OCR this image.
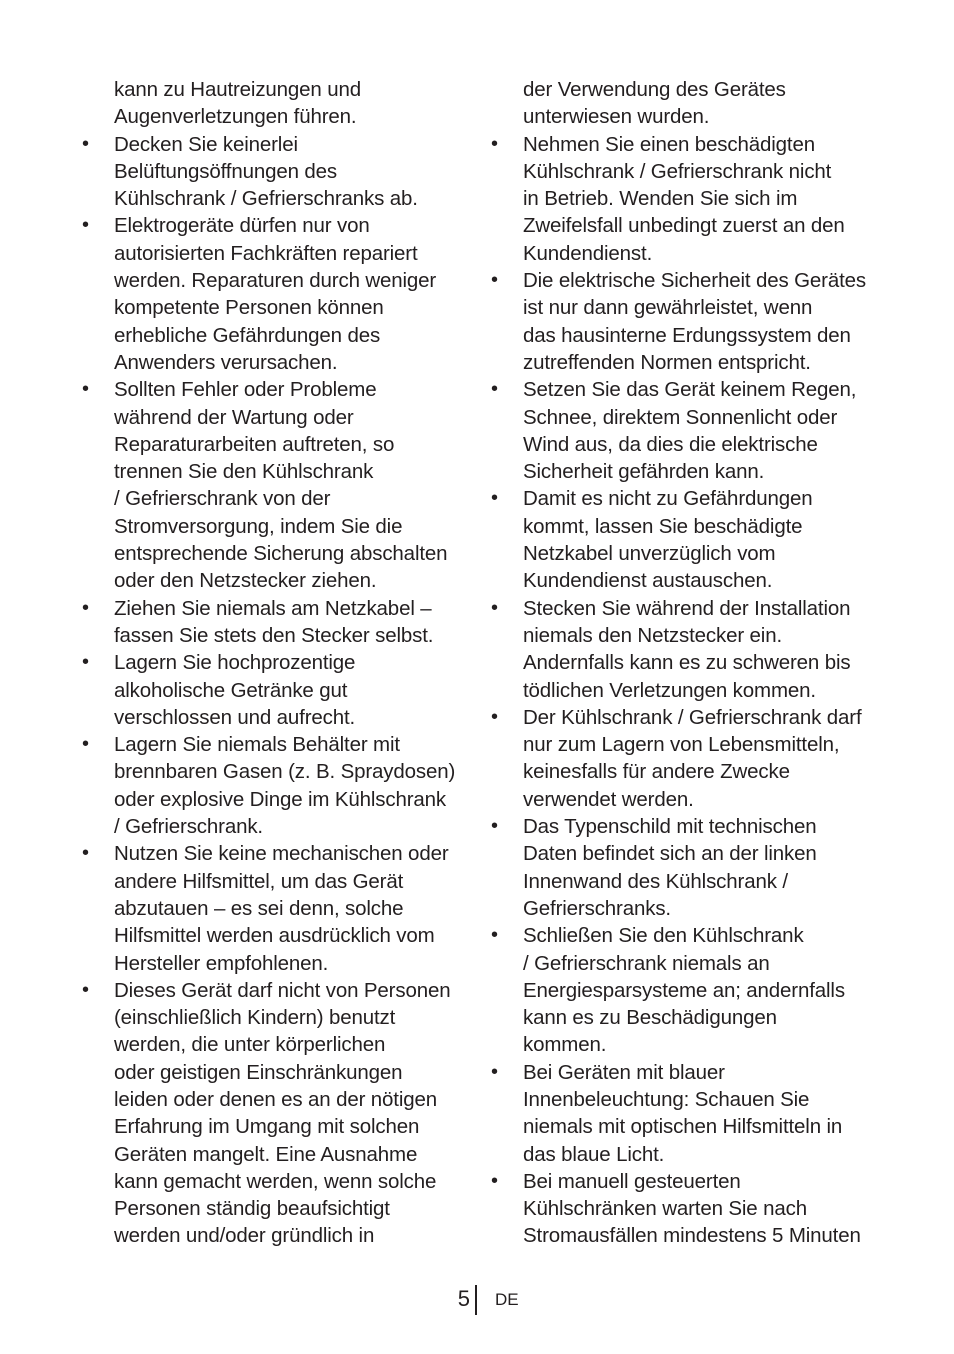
kann zu Hautreizungen und
Augenverletzungen führen.
• Decken Sie keinerlei
Belüftungsöffnungen des
Kühlschrank / Gefrierschranks ab.
• Elektrogeräte dürfen nur von
autorisierten Fachkräften repariert
werden. Reparaturen durch weniger
kompetente Personen können
erhebliche Gefährdungen des
Anwenders verursachen.
• Sollten Fehler oder Probleme
während der Wartung oder
Reparaturarbeiten auftreten, so
trennen Sie den Kühlschrank
/ Gefrierschrank von der
Stromversorgung, indem Sie die
entsprechende Sicherung abschalten
oder den Netzstecker ziehen.
• Ziehen Sie niemals am Netzkabel –
fassen Sie stets den Stecker selbst.
• Lagern Sie hochprozentige
alkoholische Getränke gut
verschlossen und aufrecht.
• Lagern Sie niemals Behälter mit
brennbaren Gasen (z. B. Spraydosen)
oder explosive Dinge im Kühlschrank
/ Gefrierschrank.
• Nutzen Sie keine mechanischen oder
andere Hilfsmittel, um das Gerät
abzutauen – es sei denn, solche
Hilfsmittel werden ausdrücklich vom
Hersteller empfohlenen.
• Dieses Gerät darf nicht von Personen
(einschließlich Kindern) benutzt
werden, die unter körperlichen
oder geistigen Einschränkungen
leiden oder denen es an der nötigen
Erfahrung im Umgang mit solchen
Geräten mangelt. Eine Ausnahme
kann gemacht werden, wenn solche
Personen ständig beaufsichtigt
werden und/oder gründlich in
der Verwendung des Gerätes
unterwiesen wurden.
• Nehmen Sie einen beschädigten
Kühlschrank / Gefrierschrank nicht
in Betrieb. Wenden Sie sich im
Zweifelsfall unbedingt zuerst an den
Kundendienst.
• Die elektrische Sicherheit des Gerätes
ist nur dann gewährleistet, wenn
das hausinterne Erdungssystem den
zutreffenden Normen entspricht.
• Setzen Sie das Gerät keinem Regen,
Schnee, direktem Sonnenlicht oder
Wind aus, da dies die elektrische
Sicherheit gefährden kann.
• Damit es nicht zu Gefährdungen
kommt, lassen Sie beschädigte
Netzkabel unverzüglich vom
Kundendienst austauschen.
• Stecken Sie während der Installation
niemals den Netzstecker ein.
Andernfalls kann es zu schweren bis
tödlichen Verletzungen kommen.
• Der Kühlschrank / Gefrierschrank darf
nur zum Lagern von Lebensmitteln,
keinesfalls für andere Zwecke
verwendet werden.
• Das Typenschild mit technischen
Daten befindet sich an der linken
Innenwand des Kühlschrank /
Gefrierschranks.
• Schließen Sie den Kühlschrank
/ Gefrierschrank niemals an
Energiesparsysteme an; andernfalls
kann es zu Beschädigungen
kommen.
• Bei Geräten mit blauer
Innenbeleuchtung: Schauen Sie
niemals mit optischen Hilfsmitteln in
das blaue Licht.
• Bei manuell gesteuerten
Kühlschränken warten Sie nach
Stromausfällen mindestens 5 Minuten
5 DE
